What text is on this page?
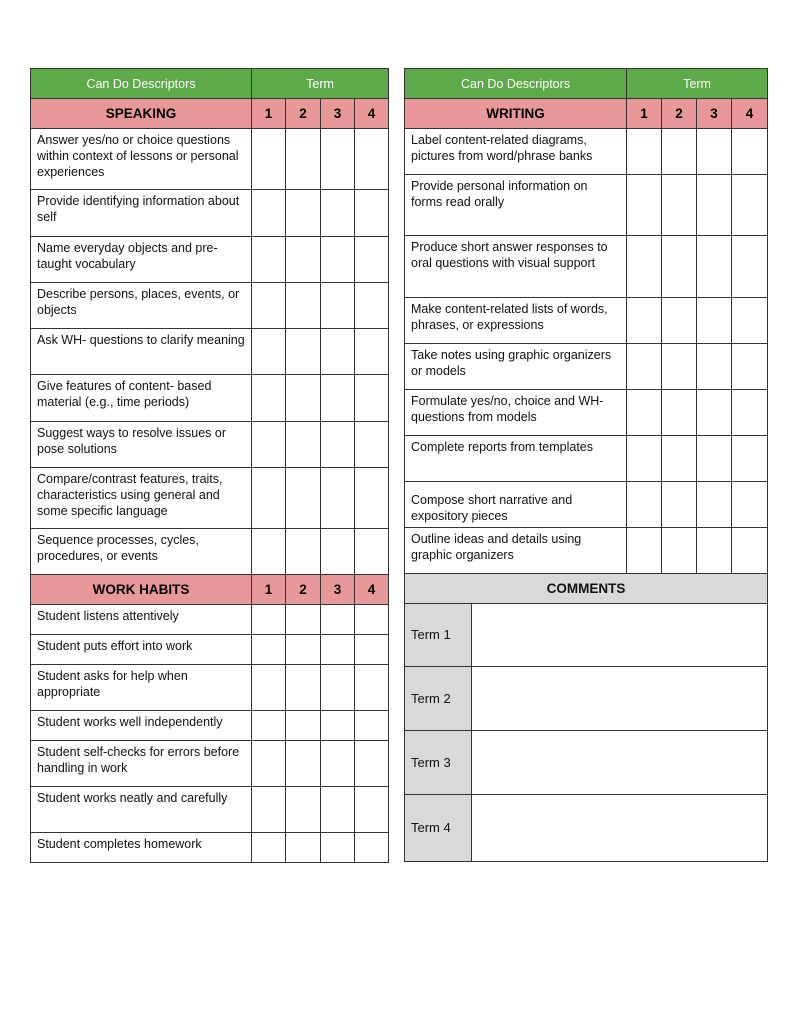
Can Do Descriptors	Term			
SPEAKING	1	2	3	4
Answer yes/no or choice questions within context of lessons or personal experiences				
Provide identifying information about self				
Name everyday objects and pre-taught vocabulary				
Describe persons, places, events, or objects				
Ask WH- questions to clarify meaning				
Give features of content- based material (e.g., time periods)				
Suggest ways to resolve issues or pose solutions				
Compare/contrast features, traits, characteristics using general and some specific language				
Sequence processes, cycles, procedures, or events				
WORK HABITS	1	2	3	4
Student listens attentively				
Student puts effort into work				
Student asks for help when appropriate				
Student works well independently				
Student self-checks for errors before handling in work				
Student works neatly and carefully				
Student completes homework				
Can Do Descriptors		Term			
WRITING		1	2	3	4
Label content-related diagrams, pictures from word/phrase banks					
Provide personal information on forms read orally					
Produce short answer responses to oral questions with visual support					
Make content-related lists of words, phrases, or expressions					
Take notes using graphic organizers or models					
Formulate yes/no, choice and WH- questions from models					
Complete reports from templates					
Compose short narrative and expository pieces					
Outline ideas and details using graphic organizers					
COMMENTS					
Term 1					
Term 2					
Term 3					
Term 4					
